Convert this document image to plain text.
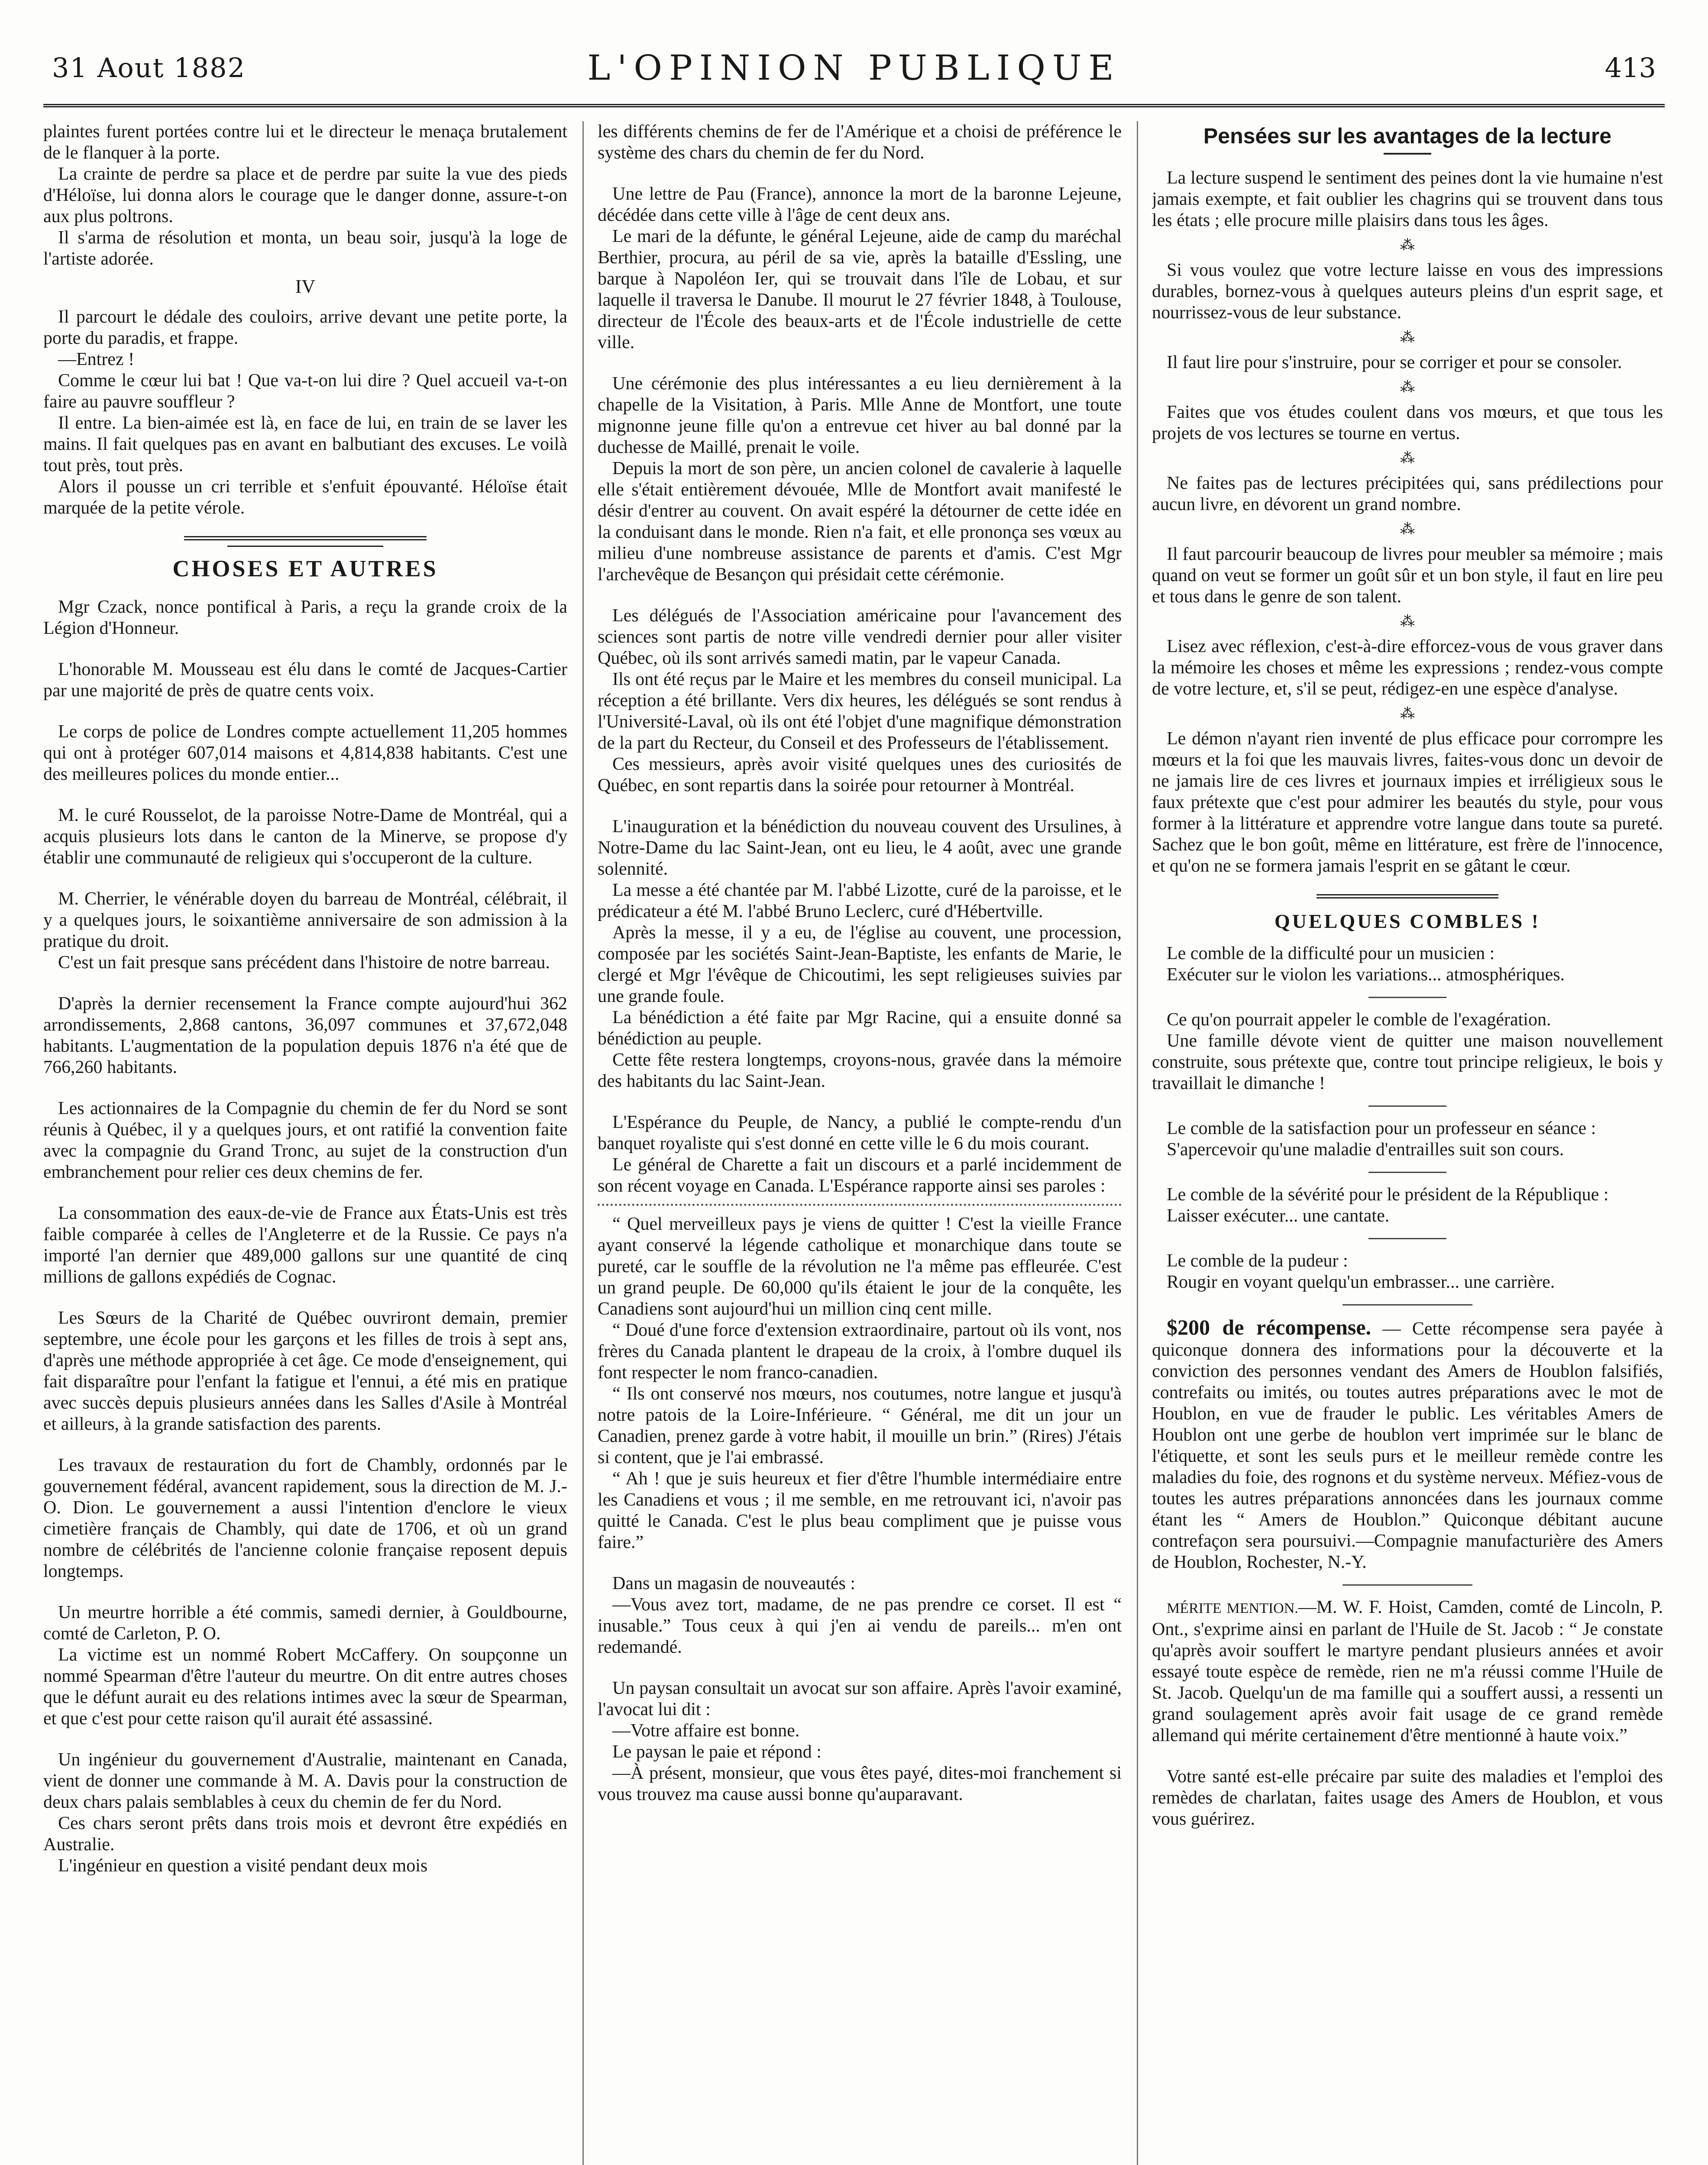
31 Aout 1882	L'OPINION PUBLIQUE	413

plaintes furent portées contre lui et le directeur le menaça brutalement de le flanquer à la porte.

La crainte de perdre sa place et de perdre par suite la vue des pieds d'Héloïse, lui donna alors le courage que le danger donne, assure-t-on aux plus poltrons.

Il s'arma de résolution et monta, un beau soir, jusqu'à la loge de l'artiste adorée.

IV

Il parcourt le dédale des couloirs, arrive devant une petite porte, la porte du paradis, et frappe.

—Entrez !

Comme le cœur lui bat ! Que va-t-on lui dire ? Quel accueil va-t-on faire au pauvre souffleur ?

Il entre. La bien-aimée est là, en face de lui, en train de se laver les mains. Il fait quelques pas en avant en balbutiant des excuses. Le voilà tout près, tout près.

Alors il pousse un cri terrible et s'enfuit épouvanté. Héloïse était marquée de la petite vérole.

CHOSES ET AUTRES

Mgr Czack, nonce pontifical à Paris, a reçu la grande croix de la Légion d'Honneur.

L'honorable M. Mousseau est élu dans le comté de Jacques-Cartier par une majorité de près de quatre cents voix.

Le corps de police de Londres compte actuellement 11,205 hommes qui ont à protéger 607,014 maisons et 4,814,838 habitants. C'est une des meilleures polices du monde entier...

M. le curé Rousselot, de la paroisse Notre-Dame de Montréal, qui a acquis plusieurs lots dans le canton de la Minerve, se propose d'y établir une communauté de religieux qui s'occuperont de la culture.

M. Cherrier, le vénérable doyen du barreau de Montréal, célébrait, il y a quelques jours, le soixantième anniversaire de son admission à la pratique du droit.

C'est un fait presque sans précédent dans l'histoire de notre barreau.

D'après la dernier recensement la France compte aujourd'hui 362 arrondissements, 2,868 cantons, 36,097 communes et 37,672,048 habitants. L'augmentation de la population depuis 1876 n'a été que de 766,260 habitants.

Les actionnaires de la Compagnie du chemin de fer du Nord se sont réunis à Québec, il y a quelques jours, et ont ratifié la convention faite avec la compagnie du Grand Tronc, au sujet de la construction d'un embranchement pour relier ces deux chemins de fer.

La consommation des eaux-de-vie de France aux États-Unis est très faible comparée à celles de l'Angleterre et de la Russie. Ce pays n'a importé l'an dernier que 489,000 gallons sur une quantité de cinq millions de gallons expédiés de Cognac.

Les Sœurs de la Charité de Québec ouvriront demain, premier septembre, une école pour les garçons et les filles de trois à sept ans, d'après une méthode appropriée à cet âge. Ce mode d'enseignement, qui fait disparaître pour l'enfant la fatigue et l'ennui, a été mis en pratique avec succès depuis plusieurs années dans les Salles d'Asile à Montréal et ailleurs, à la grande satisfaction des parents.

Les travaux de restauration du fort de Chambly, ordonnés par le gouvernement fédéral, avancent rapidement, sous la direction de M. J.-O. Dion. Le gouvernement a aussi l'intention d'enclore le vieux cimetière français de Chambly, qui date de 1706, et où un grand nombre de célébrités de l'ancienne colonie française reposent depuis longtemps.

Un meurtre horrible a été commis, samedi dernier, à Gouldbourne, comté de Carleton, P. O.

La victime est un nommé Robert McCaffery. On soupçonne un nommé Spearman d'être l'auteur du meurtre. On dit entre autres choses que le défunt aurait eu des relations intimes avec la sœur de Spearman, et que c'est pour cette raison qu'il aurait été assassiné.

Un ingénieur du gouvernement d'Australie, maintenant en Canada, vient de donner une commande à M. A. Davis pour la construction de deux chars palais semblables à ceux du chemin de fer du Nord.

Ces chars seront prêts dans trois mois et devront être expédiés en Australie.

L'ingénieur en question a visité pendant deux mois

les différents chemins de fer de l'Amérique et a choisi de préférence le système des chars du chemin de fer du Nord.

Une lettre de Pau (France), annonce la mort de la baronne Lejeune, décédée dans cette ville à l'âge de cent deux ans.

Le mari de la défunte, le général Lejeune, aide de camp du maréchal Berthier, procura, au péril de sa vie, après la bataille d'Essling, une barque à Napoléon Ier, qui se trouvait dans l'île de Lobau, et sur laquelle il traversa le Danube. Il mourut le 27 février 1848, à Toulouse, directeur de l'École des beaux-arts et de l'École industrielle de cette ville.

Une cérémonie des plus intéressantes a eu lieu dernièrement à la chapelle de la Visitation, à Paris. Mlle Anne de Montfort, une toute mignonne jeune fille qu'on a entrevue cet hiver au bal donné par la duchesse de Maillé, prenait le voile.

Depuis la mort de son père, un ancien colonel de cavalerie à laquelle elle s'était entièrement dévouée, Mlle de Montfort avait manifesté le désir d'entrer au couvent. On avait espéré la détourner de cette idée en la conduisant dans le monde. Rien n'a fait, et elle prononça ses vœux au milieu d'une nombreuse assistance de parents et d'amis. C'est Mgr l'archevêque de Besançon qui présidait cette cérémonie.

Les délégués de l'Association américaine pour l'avancement des sciences sont partis de notre ville vendredi dernier pour aller visiter Québec, où ils sont arrivés samedi matin, par le vapeur Canada.

Ils ont été reçus par le Maire et les membres du conseil municipal. La réception a été brillante. Vers dix heures, les délégués se sont rendus à l'Université-Laval, où ils ont été l'objet d'une magnifique démonstration de la part du Recteur, du Conseil et des Professeurs de l'établissement.

Ces messieurs, après avoir visité quelques unes des curiosités de Québec, en sont repartis dans la soirée pour retourner à Montréal.

L'inauguration et la bénédiction du nouveau couvent des Ursulines, à Notre-Dame du lac Saint-Jean, ont eu lieu, le 4 août, avec une grande solennité.

La messe a été chantée par M. l'abbé Lizotte, curé de la paroisse, et le prédicateur a été M. l'abbé Bruno Leclerc, curé d'Hébertville.

Après la messe, il y a eu, de l'église au couvent, une procession, composée par les sociétés Saint-Jean-Baptiste, les enfants de Marie, le clergé et Mgr l'évêque de Chicoutimi, les sept religieuses suivies par une grande foule.

La bénédiction a été faite par Mgr Racine, qui a ensuite donné sa bénédiction au peuple.

Cette fête restera longtemps, croyons-nous, gravée dans la mémoire des habitants du lac Saint-Jean.

L'Espérance du Peuple, de Nancy, a publié le compte-rendu d'un banquet royaliste qui s'est donné en cette ville le 6 du mois courant.

Le général de Charette a fait un discours et a parlé incidemment de son récent voyage en Canada. L'Espérance rapporte ainsi ses paroles :

“ Quel merveilleux pays je viens de quitter ! C'est la vieille France ayant conservé la légende catholique et monarchique dans toute se pureté, car le souffle de la révolution ne l'a même pas effleurée. C'est un grand peuple. De 60,000 qu'ils étaient le jour de la conquête, les Canadiens sont aujourd'hui un million cinq cent mille.

“ Doué d'une force d'extension extraordinaire, partout où ils vont, nos frères du Canada plantent le drapeau de la croix, à l'ombre duquel ils font respecter le nom franco-canadien.

“ Ils ont conservé nos mœurs, nos coutumes, notre langue et jusqu'à notre patois de la Loire-Inférieure. “ Général, me dit un jour un Canadien, prenez garde à votre habit, il mouille un brin.” (Rires) J'étais si content, que je l'ai embrassé.

“ Ah ! que je suis heureux et fier d'être l'humble intermédiaire entre les Canadiens et vous ; il me semble, en me retrouvant ici, n'avoir pas quitté le Canada. C'est le plus beau compliment que je puisse vous faire.”

Dans un magasin de nouveautés :

—Vous avez tort, madame, de ne pas prendre ce corset. Il est “ inusable.” Tous ceux à qui j'en ai vendu de pareils... m'en ont redemandé.

Un paysan consultait un avocat sur son affaire. Après l'avoir examiné, l'avocat lui dit :

—Votre affaire est bonne.

Le paysan le paie et répond :

—À présent, monsieur, que vous êtes payé, dites-moi franchement si vous trouvez ma cause aussi bonne qu'auparavant.

Pensées sur les avantages de la lecture

La lecture suspend le sentiment des peines dont la vie humaine n'est jamais exempte, et fait oublier les chagrins qui se trouvent dans tous les états ; elle procure mille plaisirs dans tous les âges.

⁂

Si vous voulez que votre lecture laisse en vous des impressions durables, bornez-vous à quelques auteurs pleins d'un esprit sage, et nourrissez-vous de leur substance.

⁂

Il faut lire pour s'instruire, pour se corriger et pour se consoler.

⁂

Faites que vos études coulent dans vos mœurs, et que tous les projets de vos lectures se tourne en vertus.

⁂

Ne faites pas de lectures précipitées qui, sans prédilections pour aucun livre, en dévorent un grand nombre.

⁂

Il faut parcourir beaucoup de livres pour meubler sa mémoire ; mais quand on veut se former un goût sûr et un bon style, il faut en lire peu et tous dans le genre de son talent.

⁂

Lisez avec réflexion, c'est-à-dire efforcez-vous de vous graver dans la mémoire les choses et même les expressions ; rendez-vous compte de votre lecture, et, s'il se peut, rédigez-en une espèce d'analyse.

⁂

Le démon n'ayant rien inventé de plus efficace pour corrompre les mœurs et la foi que les mauvais livres, faites-vous donc un devoir de ne jamais lire de ces livres et journaux impies et irréligieux sous le faux prétexte que c'est pour admirer les beautés du style, pour vous former à la littérature et apprendre votre langue dans toute sa pureté. Sachez que le bon goût, même en littérature, est frère de l'innocence, et qu'on ne se formera jamais l'esprit en se gâtant le cœur.

QUELQUES COMBLES !

Le comble de la difficulté pour un musicien :

Exécuter sur le violon les variations... atmosphériques.

Ce qu'on pourrait appeler le comble de l'exagération.

Une famille dévote vient de quitter une maison nouvellement construite, sous prétexte que, contre tout principe religieux, le bois y travaillait le dimanche !

Le comble de la satisfaction pour un professeur en séance :

S'apercevoir qu'une maladie d'entrailles suit son cours.

Le comble de la sévérité pour le président de la République :

Laisser exécuter... une cantate.

Le comble de la pudeur :

Rougir en voyant quelqu'un embrasser... une carrière.

$200 de récompense. — Cette récompense sera payée à quiconque donnera des informations pour la découverte et la conviction des personnes vendant des Amers de Houblon falsifiés, contrefaits ou imités, ou toutes autres préparations avec le mot de Houblon, en vue de frauder le public. Les véritables Amers de Houblon ont une gerbe de houblon vert imprimée sur le blanc de l'étiquette, et sont les seuls purs et le meilleur remède contre les maladies du foie, des rognons et du système nerveux. Méfiez-vous de toutes les autres préparations annoncées dans les journaux comme étant les “ Amers de Houblon.” Quiconque débitant aucune contrefaçon sera poursuivi.—Compagnie manufacturière des Amers de Houblon, Rochester, N.-Y.

MÉRITE MENTION.—M. W. F. Hoist, Camden, comté de Lincoln, P. Ont., s'exprime ainsi en parlant de l'Huile de St. Jacob : “ Je constate qu'après avoir souffert le martyre pendant plusieurs années et avoir essayé toute espèce de remède, rien ne m'a réussi comme l'Huile de St. Jacob. Quelqu'un de ma famille qui a souffert aussi, a ressenti un grand soulagement après avoir fait usage de ce grand remède allemand qui mérite certainement d'être mentionné à haute voix.”

Votre santé est-elle précaire par suite des maladies et l'emploi des remèdes de charlatan, faites usage des Amers de Houblon, et vous vous guérirez.
